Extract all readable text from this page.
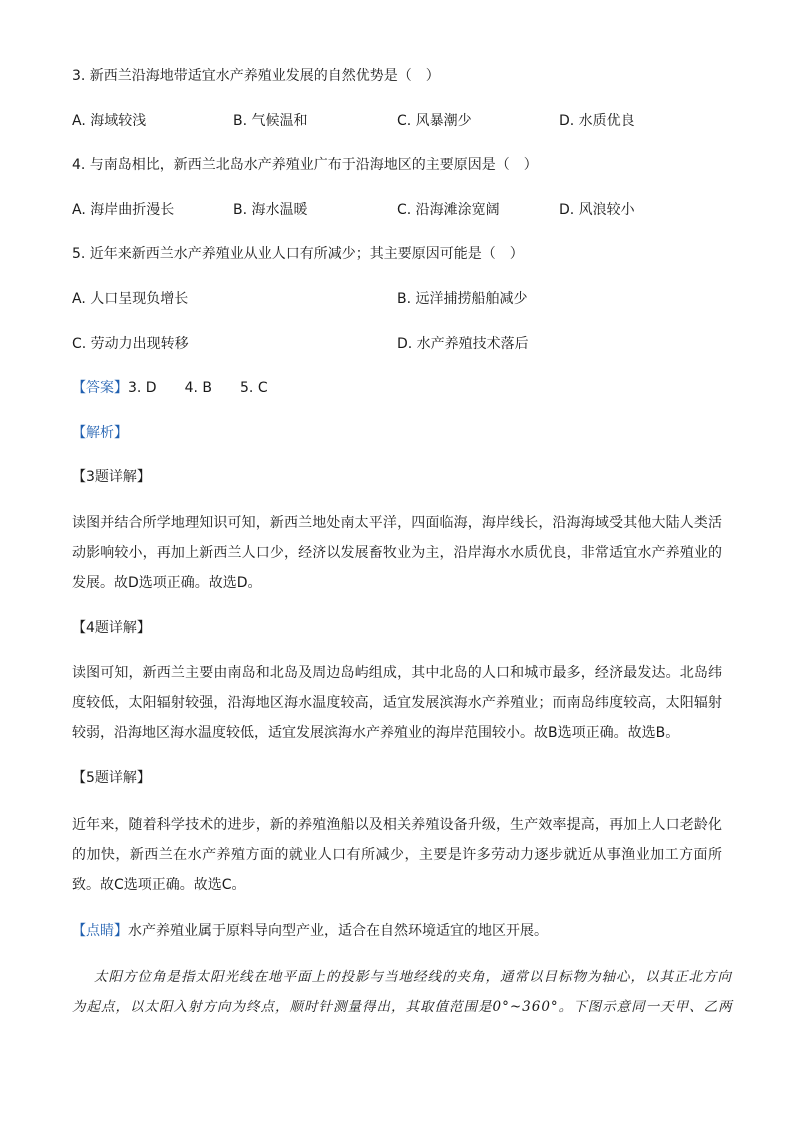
3. 新西兰沿海地带适宜水产养殖业发展的自然优势是（　）
A. 海域较浅	B. 气候温和	C. 风暴潮少	D. 水质优良
4. 与南岛相比，新西兰北岛水产养殖业广布于沿海地区的主要原因是（　）
A. 海岸曲折漫长	B. 海水温暖	C. 沿海滩涂宽阔	D. 风浪较小
5. 近年来新西兰水产养殖业从业人口有所减少；其主要原因可能是（　）
A. 人口呈现负增长	B. 远洋捕捞船舶减少
C. 劳动力出现转移	D. 水产养殖技术落后
【答案】3. D 4. B 5. C
【解析】
【3题详解】
读图并结合所学地理知识可知，新西兰地处南太平洋，四面临海，海岸线长，沿海海域受其他大陆人类活动影响较小，再加上新西兰人口少，经济以发展畜牧业为主，沿岸海水水质优良，非常适宜水产养殖业的发展。故D选项正确。故选D。
【4题详解】
读图可知，新西兰主要由南岛和北岛及周边岛屿组成，其中北岛的人口和城市最多，经济最发达。北岛纬度较低，太阳辐射较强，沿海地区海水温度较高，适宜发展滨海水产养殖业；而南岛纬度较高，太阳辐射较弱，沿海地区海水温度较低，适宜发展滨海水产养殖业的海岸范围较小。故B选项正确。故选B。
【5题详解】
近年来，随着科学技术的进步，新的养殖渔船以及相关养殖设备升级，生产效率提高，再加上人口老龄化的加快，新西兰在水产养殖方面的就业人口有所减少，主要是许多劳动力逐步就近从事渔业加工方面所致。故C选项正确。故选C。
【点睛】水产养殖业属于原料导向型产业，适合在自然环境适宜的地区开展。
太阳方位角是指太阳光线在地平面上的投影与当地经线的夹角，通常以目标物为轴心，以其正北方向
为起点，以太阳入射方向为终点，顺时针测量得出，其取值范围是0°~360°。下图示意同一天甲、乙两
